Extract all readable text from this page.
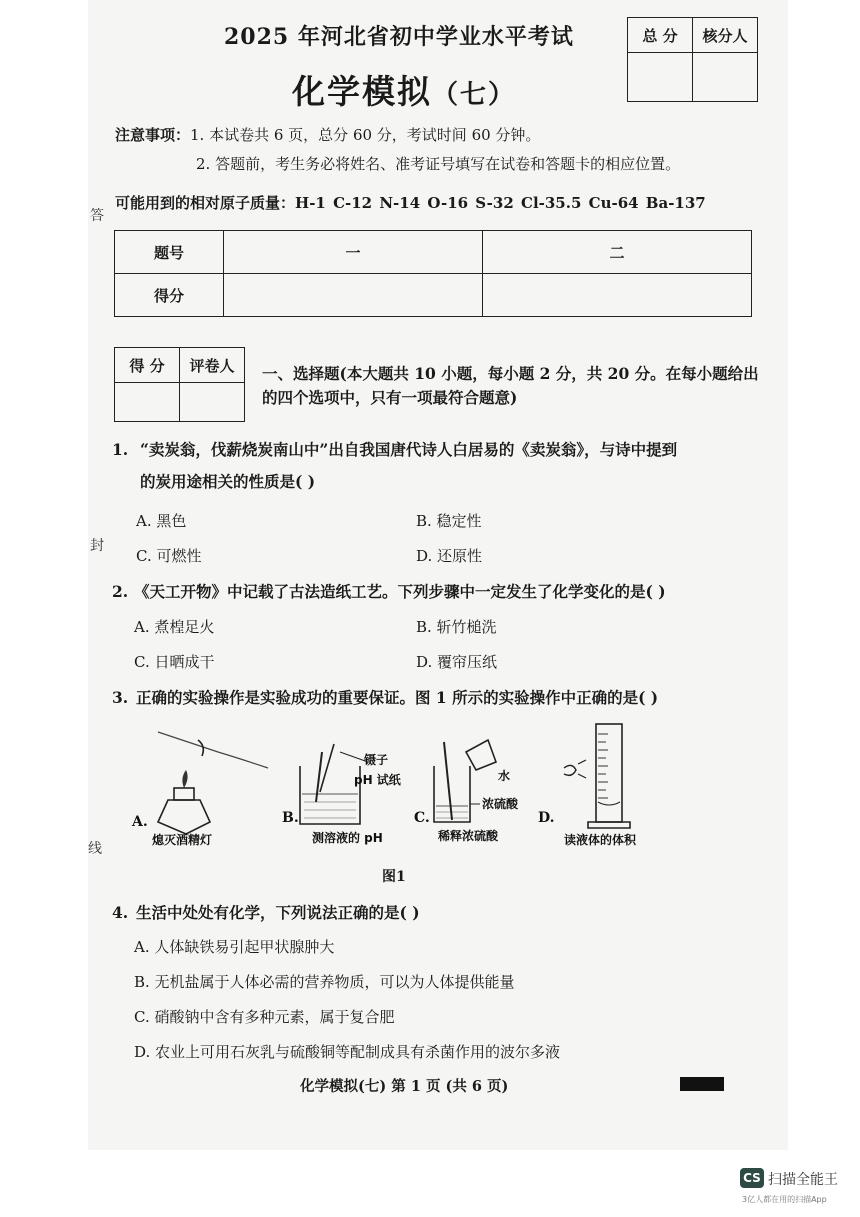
答
封
线
2025 年河北省初中学业水平考试
化学模拟（七）
总 分	核分人

注意事项：1. 本试卷共 6 页，总分 60 分，考试时间 60 分钟。
2. 答题前，考生务必将姓名、准考证号填写在试卷和答题卡的相应位置。
可能用到的相对原子质量：H-1 C-12 N-14 O-16 S-32 Cl-35.5 Cu-64 Ba-137
题号	一	二
得分		
得 分	评卷人
	一、选择题(本大题共 10 小题，每小题 2 分，共 20 分。在每小题给出的四个选项中，只有一项最符合题意)
1. “卖炭翁，伐薪烧炭南山中”出自我国唐代诗人白居易的《卖炭翁》，与诗中提到
的炭用途相关的性质是( )
A. 黑色	B. 稳定性
C. 可燃性	D. 还原性
2. 《天工开物》中记载了古法造纸工艺。下列步骤中一定发生了化学变化的是( )
A. 煮楻足火	B. 斩竹槌洗
C. 日晒成干	D. 覆帘压纸
3. 正确的实验操作是实验成功的重要保证。图 1 所示的实验操作中正确的是( )
A.
熄灭酒精灯
镊子
pH 试纸
B.
测溶液的 pH
水
浓硫酸
C.
稀释浓硫酸
D.
读液体的体积
图1
4. 生活中处处有化学，下列说法正确的是( )
A. 人体缺铁易引起甲状腺肿大
B. 无机盐属于人体必需的营养物质，可以为人体提供能量
C. 硝酸钠中含有多种元素，属于复合肥
D. 农业上可用石灰乳与硫酸铜等配制成具有杀菌作用的波尔多液
化学模拟(七) 第 1 页 (共 6 页)
CS 扫描全能王
3亿人都在用的扫描App
